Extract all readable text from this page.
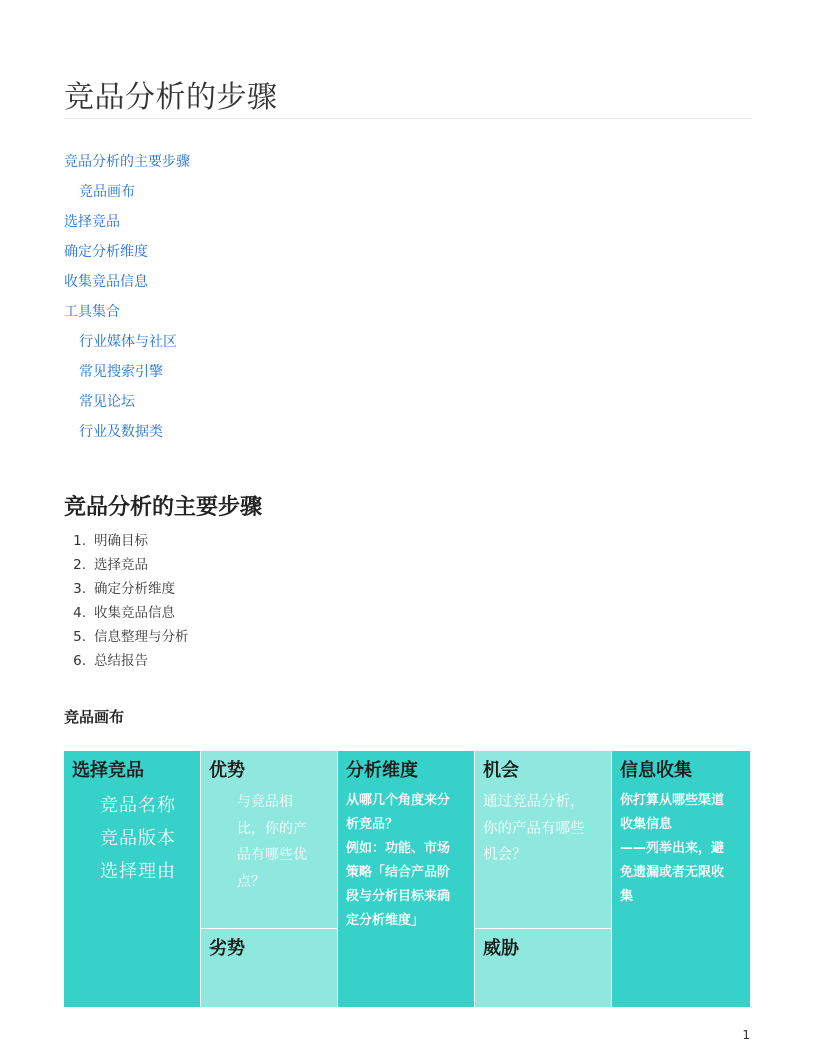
竞品分析的步骤
竞品分析的主要步骤
竞品画布
选择竞品
确定分析维度
收集竞品信息
工具集合
行业媒体与社区
常见搜索引擎
常见论坛
行业及数据类
竞品分析的主要步骤
1. 明确目标
2. 选择竞品
3. 确定分析维度
4. 收集竞品信息
5. 信息整理与分析
6. 总结报告
竞品画布
选择竞品
竞品名称
竞品版本
选择理由
优势
与竞品相
比，你的产
品有哪些优
点？
劣势
分析维度
从哪几个角度来分
析竞品？
例如：功能、市场
策略「结合产品阶
段与分析目标来确
定分析维度」
机会
通过竞品分析，
你的产品有哪些
机会？
威胁
信息收集
你打算从哪些渠道
收集信息
——列举出来，避
免遗漏或者无限收
集
1
